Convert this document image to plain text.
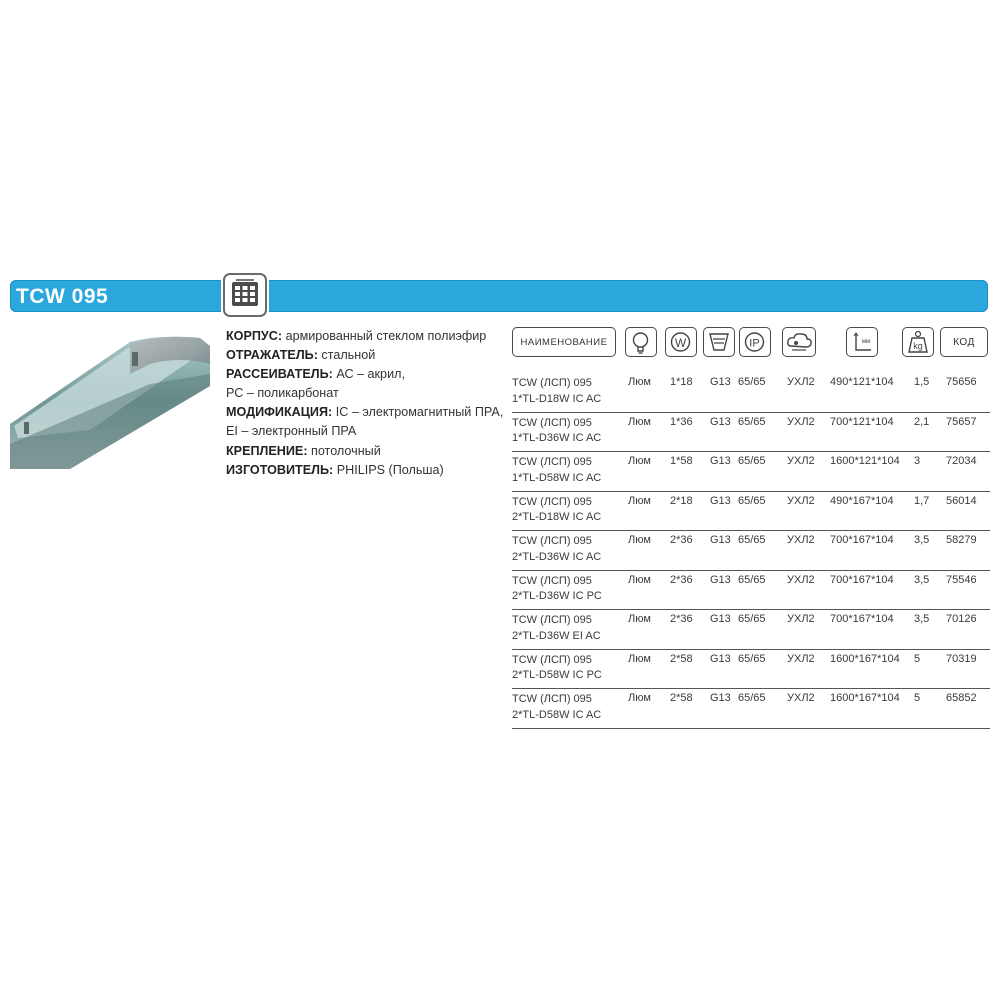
TCW 095
КОРПУС: армированный стеклом полиэфир
ОТРАЖАТЕЛЬ: стальной
РАССЕИВАТЕЛЬ: АС – акрил,
РС – поликарбонат
МОДИФИКАЦИЯ: IC – электромагнитный ПРА,
EI – электронный ПРА
КРЕПЛЕНИЕ: потолочный
ИЗГОТОВИТЕЛЬ: PHILIPS (Польша)
НАИМЕНОВАНИЕ	W	IP	мм	kg	КОД
TCW (ЛСП) 095
1*TL-D18W IC AC
Люм 1*18 G13 65/65 УХЛ2 490*121*104 1,5 75656
TCW (ЛСП) 095
1*TL-D36W IC AC
Люм 1*36 G13 65/65 УХЛ2 700*121*104 2,1 75657
TCW (ЛСП) 095
1*TL-D58W IC AC
Люм 1*58 G13 65/65 УХЛ2 1600*121*104 3 72034
TCW (ЛСП) 095
2*TL-D18W IC AC
Люм 2*18 G13 65/65 УХЛ2 490*167*104 1,7 56014
TCW (ЛСП) 095
2*TL-D36W IC AC
Люм 2*36 G13 65/65 УХЛ2 700*167*104 3,5 58279
TCW (ЛСП) 095
2*TL-D36W IC PC
Люм 2*36 G13 65/65 УХЛ2 700*167*104 3,5 75546
TCW (ЛСП) 095
2*TL-D36W EI AC
Люм 2*36 G13 65/65 УХЛ2 700*167*104 3,5 70126
TCW (ЛСП) 095
2*TL-D58W IC PC
Люм 2*58 G13 65/65 УХЛ2 1600*167*104 5 70319
TCW (ЛСП) 095
2*TL-D58W IC AC
Люм 2*58 G13 65/65 УХЛ2 1600*167*104 5 65852
